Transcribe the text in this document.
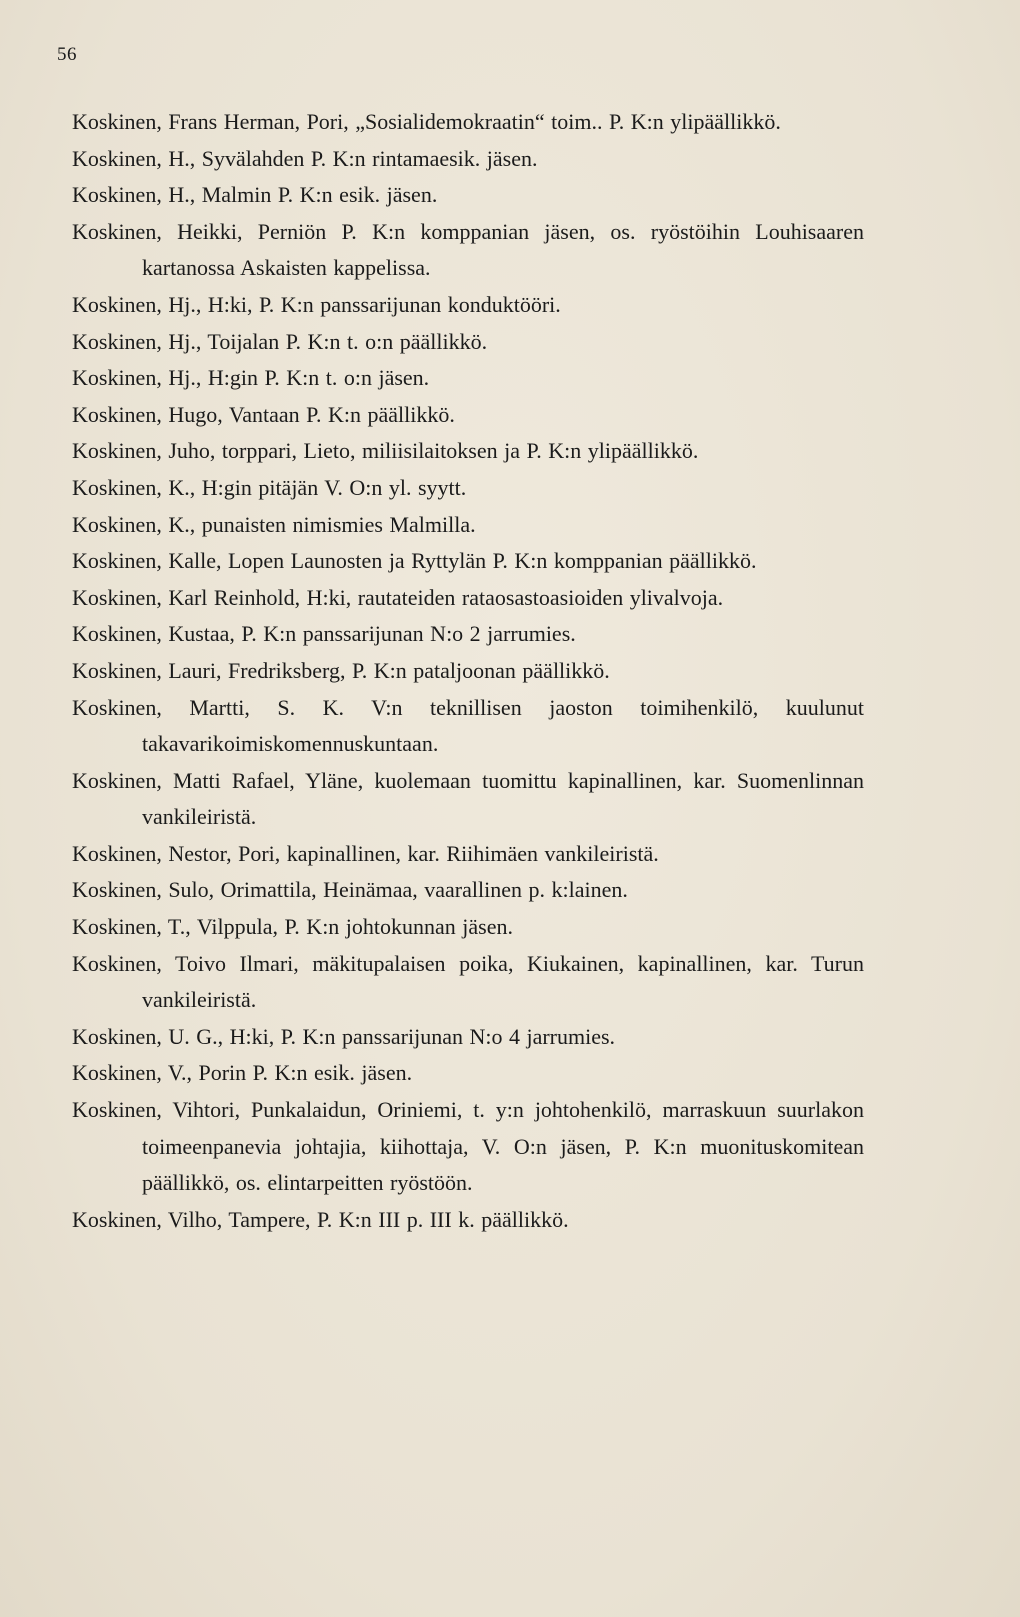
56
Koskinen, Frans Herman, Pori, „Sosialidemokraatin“ toim.. P. K:n ylipäällikkö.
Koskinen, H., Syvälahden P. K:n rintamaesik. jäsen.
Koskinen, H., Malmin P. K:n esik. jäsen.
Koskinen, Heikki, Perniön P. K:n komppanian jäsen, os. ryöstöihin Louhisaaren kartanossa Askaisten kappelissa.
Koskinen, Hj., H:ki, P. K:n panssarijunan konduktööri.
Koskinen, Hj., Toijalan P. K:n t. o:n päällikkö.
Koskinen, Hj., H:gin P. K:n t. o:n jäsen.
Koskinen, Hugo, Vantaan P. K:n päällikkö.
Koskinen, Juho, torppari, Lieto, miliisilaitoksen ja P. K:n ylipäällikkö.
Koskinen, K., H:gin pitäjän V. O:n yl. syytt.
Koskinen, K., punaisten nimismies Malmilla.
Koskinen, Kalle, Lopen Launosten ja Ryttylän P. K:n komppanian päällikkö.
Koskinen, Karl Reinhold, H:ki, rautateiden rataosastoasioiden ylivalvoja.
Koskinen, Kustaa, P. K:n panssarijunan N:o 2 jarrumies.
Koskinen, Lauri, Fredriksberg, P. K:n pataljoonan päällikkö.
Koskinen, Martti, S. K. V:n teknillisen jaoston toimihenkilö, kuulunut takavarikoimiskomennuskuntaan.
Koskinen, Matti Rafael, Yläne, kuolemaan tuomittu kapinallinen, kar. Suomenlinnan vankileiristä.
Koskinen, Nestor, Pori, kapinallinen, kar. Riihimäen vankileiristä.
Koskinen, Sulo, Orimattila, Heinämaa, vaarallinen p. k:lainen.
Koskinen, T., Vilppula, P. K:n johtokunnan jäsen.
Koskinen, Toivo Ilmari, mäkitupalaisen poika, Kiukainen, kapinallinen, kar. Turun vankileiristä.
Koskinen, U. G., H:ki, P. K:n panssarijunan N:o 4 jarrumies.
Koskinen, V., Porin P. K:n esik. jäsen.
Koskinen, Vihtori, Punkalaidun, Oriniemi, t. y:n johtohenkilö, marraskuun suurlakon toimeenpanevia johtajia, kiihottaja, V. O:n jäsen, P. K:n muonituskomitean päällikkö, os. elintarpeitten ryöstöön.
Koskinen, Vilho, Tampere, P. K:n III p. III k. päällikkö.
